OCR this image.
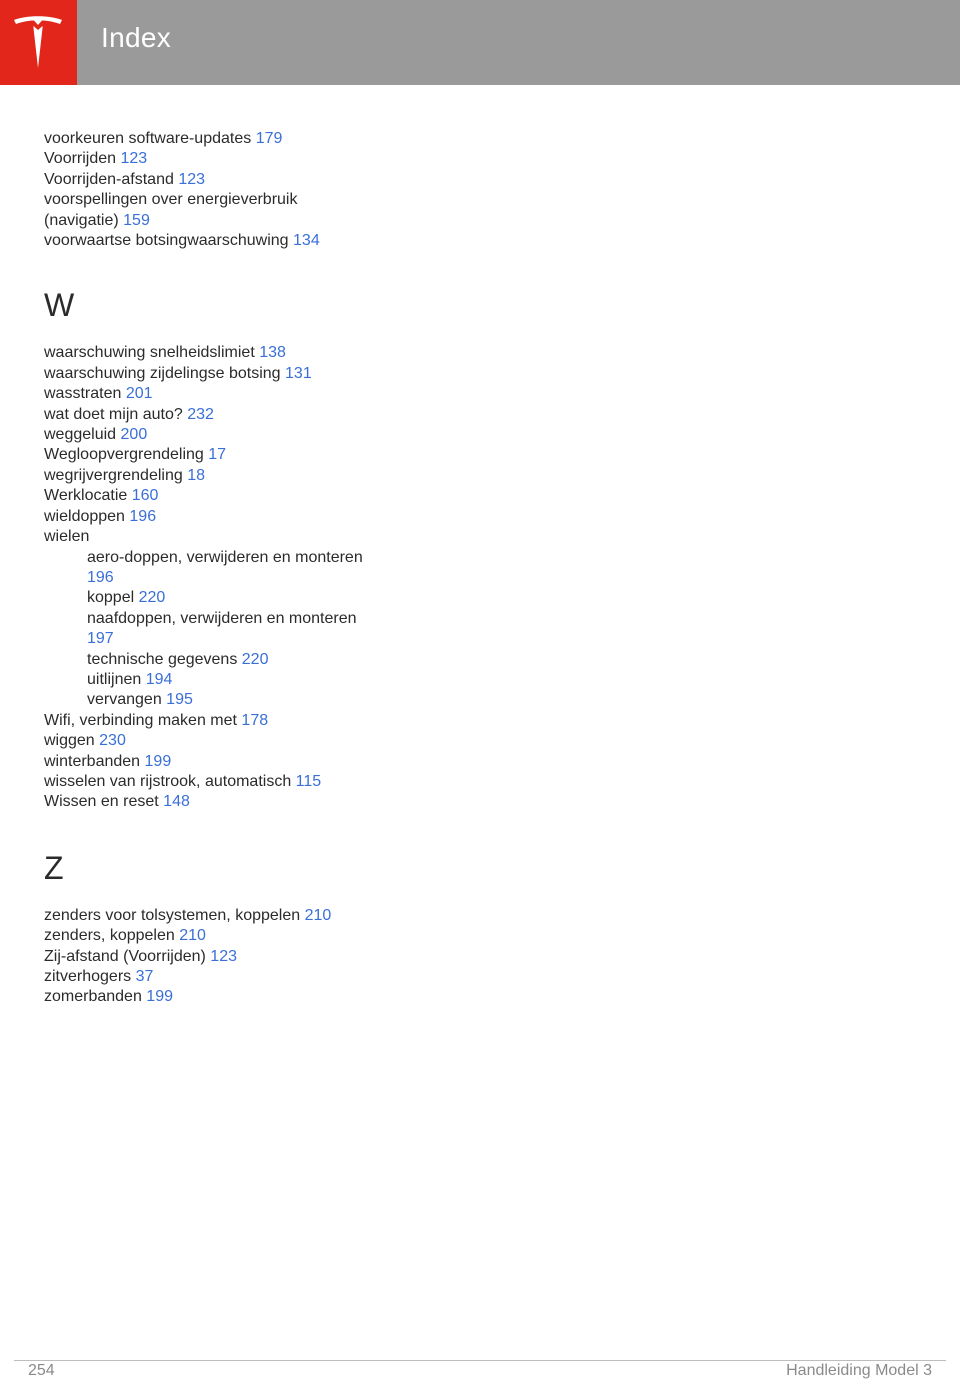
Index
voorkeuren software-updates 179
Voorrijden 123
Voorrijden-afstand 123
voorspellingen over energieverbruik
(navigatie) 159
voorwaartse botsingwaarschuwing 134
W
waarschuwing snelheidslimiet 138
waarschuwing zijdelingse botsing 131
wasstraten 201
wat doet mijn auto? 232
weggeluid 200
Wegloopvergrendeling 17
wegrijvergrendeling 18
Werklocatie 160
wieldoppen 196
wielen
aero-doppen, verwijderen en monteren
196
koppel 220
naafdoppen, verwijderen en monteren
197
technische gegevens 220
uitlijnen 194
vervangen 195
Wifi, verbinding maken met 178
wiggen 230
winterbanden 199
wisselen van rijstrook, automatisch 115
Wissen en reset 148
Z
zenders voor tolsystemen, koppelen 210
zenders, koppelen 210
Zij-afstand (Voorrijden) 123
zitverhogers 37
zomerbanden 199
254	Handleiding Model 3
